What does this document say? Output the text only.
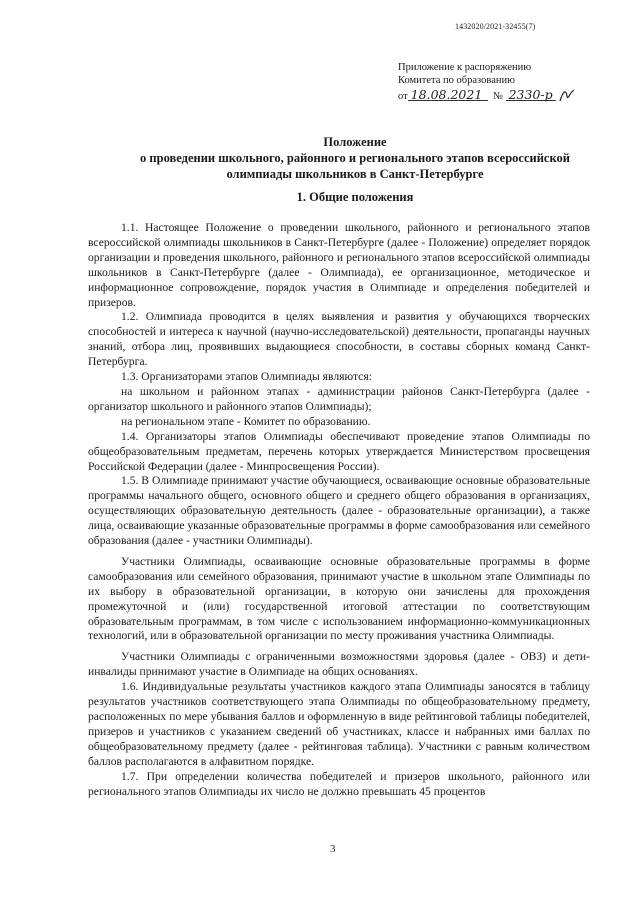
1432020/2021-32455(7)
Приложение к распоряжению
Комитета по образованию
от 18.08.2021 № 2330-р
Положение
о проведении школьного, районного и регионального этапов всероссийской
олимпиады школьников в Санкт-Петербурге
1. Общие положения

1.1. Настоящее Положение о проведении школьного, районного и регионального этапов всероссийской олимпиады школьников в Санкт-Петербурге (далее - Положение) определяет порядок организации и проведения школьного, районного и регионального этапов всероссийской олимпиады школьников в Санкт-Петербурге (далее - Олимпиада), ее организационное, методическое и информационное сопровождение, порядок участия в Олимпиаде и определения победителей и призеров.

1.2. Олимпиада проводится в целях выявления и развития у обучающихся творческих способностей и интереса к научной (научно-исследовательской) деятельности, пропаганды научных знаний, отбора лиц, проявивших выдающиеся способности, в составы сборных команд Санкт-Петербурга.

1.3. Организаторами этапов Олимпиады являются:

на школьном и районном этапах - администрации районов Санкт-Петербурга (далее - организатор школьного и районного этапов Олимпиады);

на региональном этапе - Комитет по образованию.

1.4. Организаторы этапов Олимпиады обеспечивают проведение этапов Олимпиады по общеобразовательным предметам, перечень которых утверждается Министерством просвещения Российской Федерации (далее - Минпросвещения России).

1.5. В Олимпиаде принимают участие обучающиеся, осваивающие основные образовательные программы начального общего, основного общего и среднего общего образования в организациях, осуществляющих образовательную деятельность (далее - образовательные организации), а также лица, осваивающие указанные образовательные программы в форме самообразования или семейного образования (далее - участники Олимпиады).

Участники Олимпиады, осваивающие основные образовательные программы в форме самообразования или семейного образования, принимают участие в школьном этапе Олимпиады по их выбору в образовательной организации, в которую они зачислены для прохождения промежуточной и (или) государственной итоговой аттестации по соответствующим образовательным программам, в том числе с использованием информационно-коммуникационных технологий, или в образовательной организации по месту проживания участника Олимпиады.

Участники Олимпиады с ограниченными возможностями здоровья (далее - ОВЗ) и дети-инвалиды принимают участие в Олимпиаде на общих основаниях.

1.6. Индивидуальные результаты участников каждого этапа Олимпиады заносятся в таблицу результатов участников соответствующего этапа Олимпиады по общеобразовательному предмету, расположенных по мере убывания баллов и оформленную в виде рейтинговой таблицы победителей, призеров и участников с указанием сведений об участниках, классе и набранных ими баллах по общеобразовательному предмету (далее - рейтинговая таблица). Участники с равным количеством баллов располагаются в алфавитном порядке.

1.7. При определении количества победителей и призеров школьного, районного или регионального этапов Олимпиады их число не должно превышать 45 процентов

3
